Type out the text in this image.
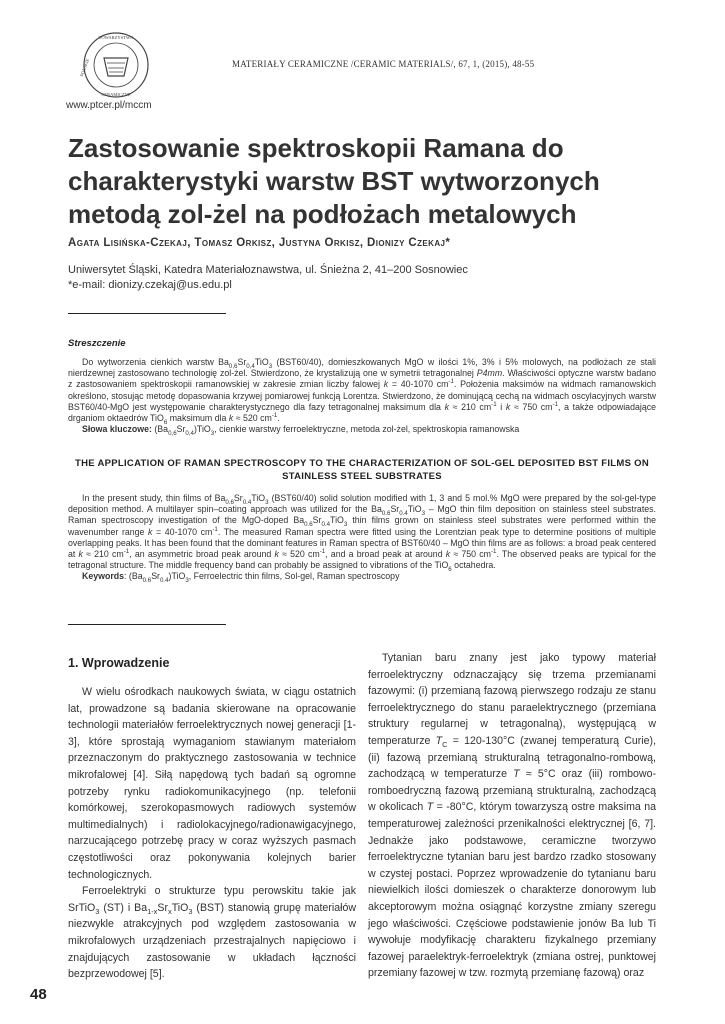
TOWARZYSTWO
CERAMICZNE
POLSKIE
www.ptcer.pl/mccm
MATERIAŁY CERAMICZNE /CERAMIC MATERIALS/, 67, 1, (2015), 48-55
Zastosowanie spektroskopii Ramana do charakterystyki warstw BST wytworzonych metodą zol-żel na podłożach metalowych
Agata Lisińska-Czekaj, Tomasz Orkisz, Justyna Orkisz, Dionizy Czekaj*
Uniwersytet Śląski, Katedra Materiałoznawstwa, ul. Śnieżna 2, 41–200 Sosnowiec
*e-mail: dionizy.czekaj@us.edu.pl
Streszczenie

Do wytworzenia cienkich warstw $Ba_{0,6}Sr_{0,4}TiO_3$ (BST60/40), domieszkowanych MgO w ilości 1%, 3% i 5% molowych, na podłożach ze stali nierdzewnej zastosowano technologię zol-żel. Stwierdzono, że krystalizują one w symetrii tetragonalnej P4mm. Właściwości optyczne warstw badano z zastosowaniem spektroskopii ramanowskiej w zakresie zmian liczby falowej k = 40-1070 $cm^{-1}$. Położenia maksimów na widmach ramanowskich określono, stosując metodę dopasowania krzywej pomiarowej funkcją Lorentza. Stwierdzono, że dominującą cechą na widmach oscylacyjnych warstw BST60/40-MgO jest występowanie charakterystycznego dla fazy tetragonalnej maksimum dla k ≈ 210 $cm^{-1}$ i k ≈ 750 $cm^{-1}$, a także odpowiadające drganiom oktaedrów TiO$_6$ maksimum dla k ≈ 520 $cm^{-1}$.

Słowa kluczowe: $(Ba_{0,6}Sr_{0,4})TiO_3$, cienkie warstwy ferroelektryczne, metoda zol-żel, spektroskopia ramanowska

THE APPLICATION OF RAMAN SPECTROSCOPY TO THE CHARACTERIZATION OF SOL-GEL DEPOSITED BST FILMS ON STAINLESS STEEL SUBSTRATES

In the present study, thin films of $Ba_{0.6}Sr_{0.4}TiO_3$ (BST60/40) solid solution modified with 1, 3 and 5 mol.% MgO were prepared by the sol-gel-type deposition method. A multilayer spin–coating approach was utilized for the $Ba_{0.6}Sr_{0.4}TiO_3$ – MgO thin film deposition on stainless steel substrates. Raman spectroscopy investigation of the MgO-doped $Ba_{0.6}Sr_{0.4}TiO_3$ thin films grown on stainless steel substrates were performed within the wavenumber range k = 40-1070 $cm^{-1}$. The measured Raman spectra were fitted using the Lorentzian peak type to determine positions of multiple overlapping peaks. It has been found that the dominant features in Raman spectra of BST60/40 – MgO thin films are as follows: a broad peak centered at k ≈ 210 $cm^{-1}$, an asymmetric broad peak around k ≈ 520 $cm^{-1}$, and a broad peak at around k ≈ 750 $cm^{-1}$. The observed peaks are typical for the tetragonal structure. The middle frequency band can probably be assigned to vibrations of the TiO$_6$ octahedra.

Keywords: $(Ba_{0.6}Sr_{0.4})TiO_3$, Ferroelectric thin films, Sol-gel, Raman spectroscopy

1. Wprowadzenie

W wielu ośrodkach naukowych świata, w ciągu ostatnich lat, prowadzone są badania skierowane na opracowanie technologii materiałów ferroelektrycznych nowej generacji [1-3], które sprostają wymaganiom stawianym materiałom przeznaczonym do praktycznego zastosowania w technice mikrofalowej [4]. Siłą napędową tych badań są ogromne potrzeby rynku radiokomunikacyjnego (np. telefonii komórkowej, szerokopasmowych radiowych systemów multimedialnych) i radiolokacyjnego/radionawigacyjnego, narzucającego potrzebę pracy w coraz wyższych pasmach częstotliwości oraz pokonywania kolejnych barier technologicznych.

Ferroelektryki o strukturze typu perowskitu takie jak SrTiO$_3$ (ST) i $Ba_{1-x}Sr_xTiO_3$ (BST) stanowią grupę materiałów niezwykle atrakcyjnych pod względem zastosowania w mikrofalowych urządzeniach przestrajalnych napięciowo i znajdujących zastosowanie w układach łączności bezprzewodowej [5].

Tytanian baru znany jest jako typowy materiał ferroelektryczny odznaczający się trzema przemianami fazowymi: (i) przemianą fazową pierwszego rodzaju ze stanu ferroelektrycznego do stanu paraelektrycznego (przemiana struktury regularnej w tetragonalną), występującą w temperaturze $T_C = 120-130^\circ C$ (zwanej temperaturą Curie), (ii) fazową przemianą strukturalną tetragonalno-rombową, zachodzącą w temperaturze T ≈ 5°C oraz (iii) rombowo-romboedryczną fazową przemianą strukturalną, zachodzącą w okolicach T = -80°C, którym towarzyszą ostre maksima na temperaturowej zależności przenikalności elektrycznej [6, 7]. Jednakże jako podstawowe, ceramiczne tworzywo ferroelektryczne tytanian baru jest bardzo rzadko stosowany w czystej postaci. Poprzez wprowadzenie do tytanianu baru niewielkich ilości domieszek o charakterze donorowym lub akceptorowym można osiągnąć korzystne zmiany szeregu jego właściwości. Częściowe podstawienie jonów Ba lub Ti wywołuje modyfikację charakteru fizykalnego przemiany fazowej paraelektryk-ferroelektryk (zmiana ostrej, punktowej przemiany fazowej w tzw. rozmytą przemianę fazową) oraz

48
